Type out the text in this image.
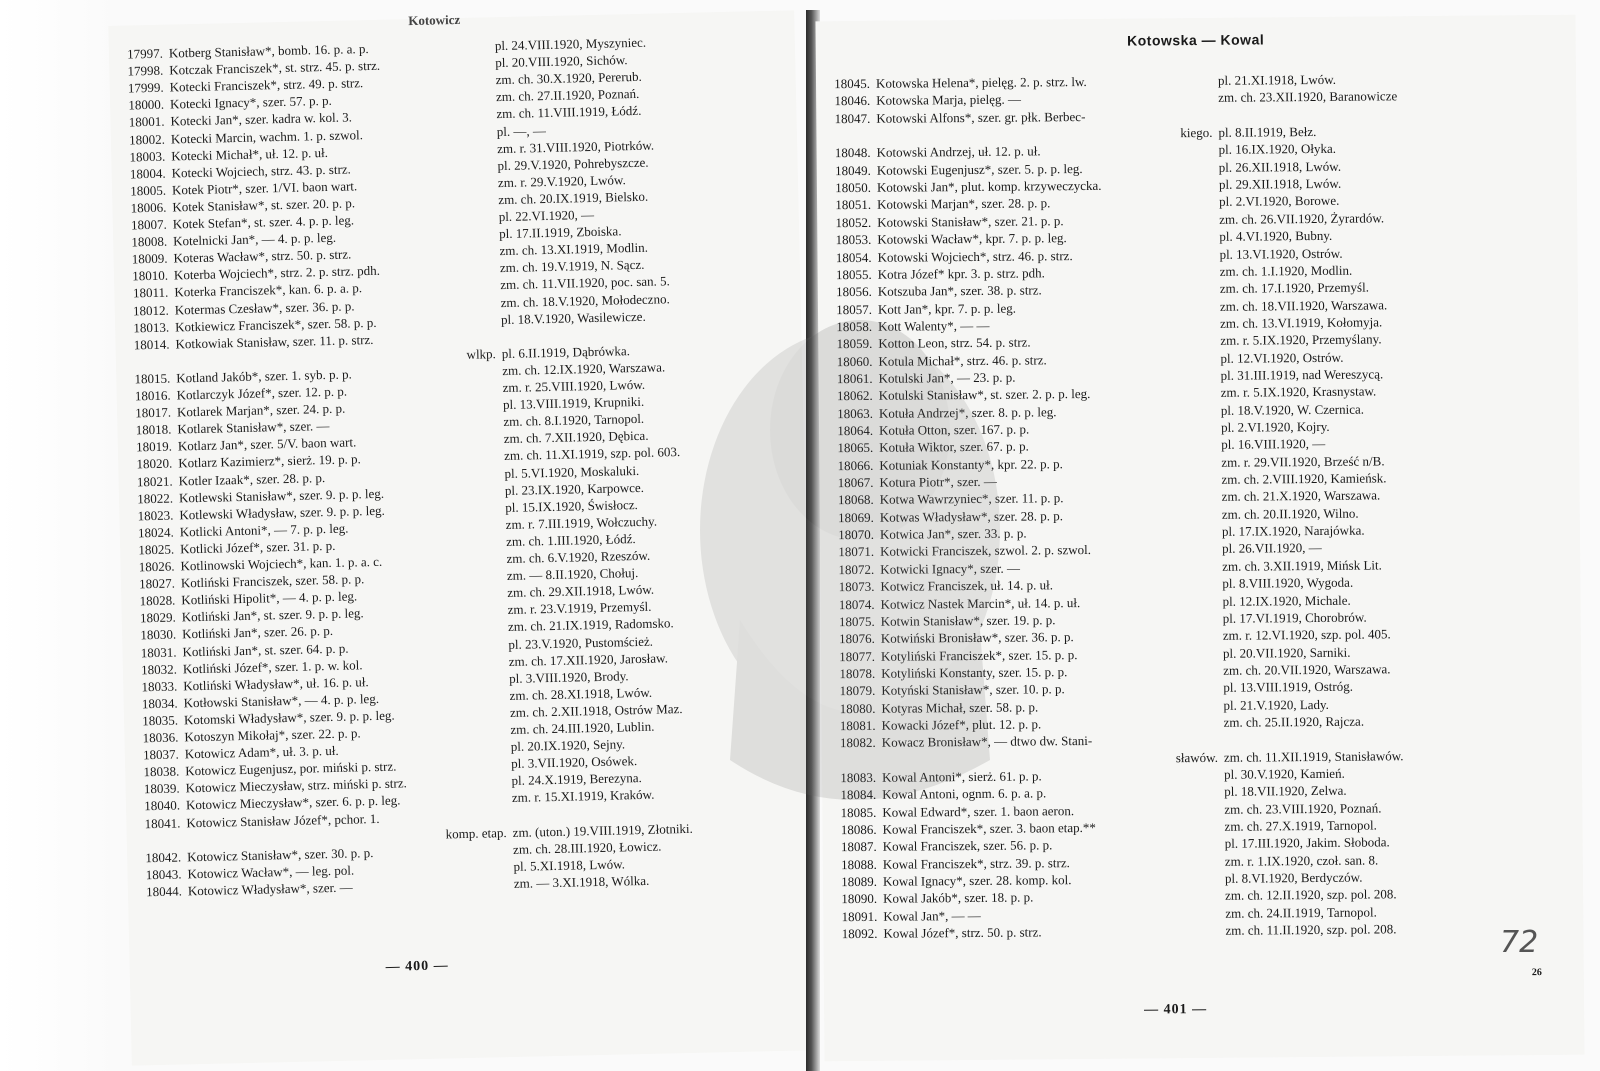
Kotowicz
17997. Kotberg Stanisław*, bomb. 16. p. a. p.	pl. 24.VIII.1920, Myszyniec.
17998. Kotczak Franciszek*, st. strz. 45. p. strz.	pl. 20.VIII.1920, Sichów.
17999. Kotecki Franciszek*, strz. 49. p. strz.	zm. ch. 30.X.1920, Pererub.
18000. Kotecki Ignacy*, szer. 57. p. p.	zm. ch. 27.II.1920, Poznań.
18001. Kotecki Jan*, szer. kadra w. kol. 3.	zm. ch. 11.VIII.1919, Łódź.
18002. Kotecki Marcin, wachm. 1. p. szwol.	pl. —, —
18003. Kotecki Michał*, uł. 12. p. uł.	zm. r. 31.VIII.1920, Piotrków.
18004. Kotecki Wojciech, strz. 43. p. strz.	pl. 29.V.1920, Pohrebyszcze.
18005. Kotek Piotr*, szer. 1/VI. baon wart.	zm. r. 29.V.1920, Lwów.
18006. Kotek Stanisław*, st. szer. 20. p. p.	zm. ch. 20.IX.1919, Bielsko.
18007. Kotek Stefan*, st. szer. 4. p. p. leg.	pl. 22.VI.1920, —
18008. Kotelnicki Jan*, — 4. p. p. leg.	pl. 17.II.1919, Zboiska.
18009. Koteras Wacław*, strz. 50. p. strz.	zm. ch. 13.XI.1919, Modlin.
18010. Koterba Wojciech*, strz. 2. p. strz. pdh.	zm. ch. 19.V.1919, N. Sącz.
18011. Koterka Franciszek*, kan. 6. p. a. p.	zm. ch. 11.VII.1920, poc. san. 5.
18012. Kotermas Czesław*, szer. 36. p. p.	zm. ch. 18.V.1920, Mołodeczno.
18013. Kotkiewicz Franciszek*, szer. 58. p. p.	pl. 18.V.1920, Wasilewicze.
18014. Kotkowiak Stanisław, szer. 11. p. strz.
wlkp. pl. 6.II.1919, Dąbrówka.
18015. Kotland Jakób*, szer. 1. syb. p. p.	zm. ch. 12.IX.1920, Warszawa.
18016. Kotlarczyk Józef*, szer. 12. p. p.	zm. r. 25.VIII.1920, Lwów.
18017. Kotlarek Marjan*, szer. 24. p. p.	pl. 13.VIII.1919, Krupniki.
18018. Kotlarek Stanisław*, szer. —	zm. ch. 8.I.1920, Tarnopol.
18019. Kotlarz Jan*, szer. 5/V. baon wart.	zm. ch. 7.XII.1920, Dębica.
18020. Kotlarz Kazimierz*, sierż. 19. p. p.	zm. ch. 11.XI.1919, szp. pol. 603.
18021. Kotler Izaak*, szer. 28. p. p.	pl. 5.VI.1920, Moskaluki.
18022. Kotlewski Stanisław*, szer. 9. p. p. leg.	pl. 23.IX.1920, Karpowce.
18023. Kotlewski Władysław, szer. 9. p. p. leg.	pl. 15.IX.1920, Świsłocz.
18024. Kotlicki Antoni*, — 7. p. p. leg.	zm. r. 7.III.1919, Wołczuchy.
18025. Kotlicki Józef*, szer. 31. p. p.	zm. ch. 1.III.1920, Łódź.
18026. Kotlinowski Wojciech*, kan. 1. p. a. c.	zm. ch. 6.V.1920, Rzeszów.
18027. Kotliński Franciszek, szer. 58. p. p.	zm. — 8.II.1920, Chołuj.
18028. Kotliński Hipolit*, — 4. p. p. leg.	zm. ch. 29.XII.1918, Lwów.
18029. Kotliński Jan*, st. szer. 9. p. p. leg.	zm. r. 23.V.1919, Przemyśl.
18030. Kotliński Jan*, szer. 26. p. p.	zm. ch. 21.IX.1919, Radomsko.
18031. Kotliński Jan*, st. szer. 64. p. p.	pl. 23.V.1920, Pustomścież.
18032. Kotliński Józef*, szer. 1. p. w. kol.	zm. ch. 17.XII.1920, Jarosław.
18033. Kotliński Władysław*, uł. 16. p. uł.	pl. 3.VIII.1920, Brody.
18034. Kotłowski Stanisław*, — 4. p. p. leg.	zm. ch. 28.XI.1918, Lwów.
18035. Kotomski Władysław*, szer. 9. p. p. leg.	zm. ch. 2.XII.1918, Ostrów Maz.
18036. Kotoszyn Mikołaj*, szer. 22. p. p.	zm. ch. 24.III.1920, Lublin.
18037. Kotowicz Adam*, uł. 3. p. uł.	pl. 20.IX.1920, Sejny.
18038. Kotowicz Eugenjusz, por. miński p. strz.	pl. 3.VII.1920, Osówek.
18039. Kotowicz Mieczysław, strz. miński p. strz.	pl. 24.X.1919, Berezyna.
18040. Kotowicz Mieczysław*, szer. 6. p. p. leg.	zm. r. 15.XI.1919, Kraków.
18041. Kotowicz Stanisław Józef*, pchor. 1.
komp. etap. zm. (uton.) 19.VIII.1919, Złotniki.
18042. Kotowicz Stanisław*, szer. 30. p. p.	zm. ch. 28.III.1920, Łowicz.
18043. Kotowicz Wacław*, — leg. pol.	pl. 5.XI.1918, Lwów.
18044. Kotowicz Władysław*, szer. —	zm. — 3.XI.1918, Wólka.
— 400 —
Kotowska — Kowal
18045. Kotowska Helena*, pielęg. 2. p. strz. lw.	pl. 21.XI.1918, Lwów.
18046. Kotowska Marja, pielęg. —	zm. ch. 23.XII.1920, Baranowicze
18047. Kotowski Alfons*, szer. gr. płk. Berbec-
kiego. pl. 8.II.1919, Bełz.
18048. Kotowski Andrzej, uł. 12. p. uł.	pl. 16.IX.1920, Ołyka.
18049. Kotowski Eugenjusz*, szer. 5. p. p. leg.	pl. 26.XII.1918, Lwów.
18050. Kotowski Jan*, plut. komp. krzyweczycka.	pl. 29.XII.1918, Lwów.
18051. Kotowski Marjan*, szer. 28. p. p.	pl. 2.VI.1920, Borowe.
18052. Kotowski Stanisław*, szer. 21. p. p.	zm. ch. 26.VII.1920, Żyrardów.
18053. Kotowski Wacław*, kpr. 7. p. p. leg.	pl. 4.VI.1920, Bubny.
18054. Kotowski Wojciech*, strz. 46. p. strz.	pl. 13.VI.1920, Ostrów.
18055. Kotra Józef* kpr. 3. p. strz. pdh.	zm. ch. 1.I.1920, Modlin.
18056. Kotszuba Jan*, szer. 38. p. strz.	zm. ch. 17.I.1920, Przemyśl.
18057. Kott Jan*, kpr. 7. p. p. leg.	zm. ch. 18.VII.1920, Warszawa.
18058. Kott Walenty*, — —	zm. ch. 13.VI.1919, Kołomyja.
18059. Kotton Leon, strz. 54. p. strz.	zm. r. 5.IX.1920, Przemyślany.
18060. Kotula Michał*, strz. 46. p. strz.	pl. 12.VI.1920, Ostrów.
18061. Kotulski Jan*, — 23. p. p.	pl. 31.III.1919, nad Wereszycą.
18062. Kotulski Stanisław*, st. szer. 2. p. p. leg.	zm. r. 5.IX.1920, Krasnystaw.
18063. Kotuła Andrzej*, szer. 8. p. p. leg.	pl. 18.V.1920, W. Czernica.
18064. Kotuła Otton, szer. 167. p. p.	pl. 2.VI.1920, Kojry.
18065. Kotuła Wiktor, szer. 67. p. p.	pl. 16.VIII.1920, —
18066. Kotuniak Konstanty*, kpr. 22. p. p.	zm. r. 29.VII.1920, Brześć n/B.
18067. Kotura Piotr*, szer. —	zm. ch. 2.VIII.1920, Kamieńsk.
18068. Kotwa Wawrzyniec*, szer. 11. p. p.	zm. ch. 21.X.1920, Warszawa.
18069. Kotwas Władysław*, szer. 28. p. p.	zm. ch. 20.II.1920, Wilno.
18070. Kotwica Jan*, szer. 33. p. p.	pl. 17.IX.1920, Narajówka.
18071. Kotwicki Franciszek, szwol. 2. p. szwol.	pl. 26.VII.1920, —
18072. Kotwicki Ignacy*, szer. —	zm. ch. 3.XII.1919, Mińsk Lit.
18073. Kotwicz Franciszek, uł. 14. p. uł.	pl. 8.VIII.1920, Wygoda.
18074. Kotwicz Nastek Marcin*, uł. 14. p. uł.	pl. 12.IX.1920, Michale.
18075. Kotwin Stanisław*, szer. 19. p. p.	pl. 17.VI.1919, Chorobrów.
18076. Kotwiński Bronisław*, szer. 36. p. p.	zm. r. 12.VI.1920, szp. pol. 405.
18077. Kotyliński Franciszek*, szer. 15. p. p.	pl. 20.VII.1920, Sarniki.
18078. Kotyliński Konstanty, szer. 15. p. p.	zm. ch. 20.VII.1920, Warszawa.
18079. Kotyński Stanisław*, szer. 10. p. p.	pl. 13.VIII.1919, Ostróg.
18080. Kotyras Michał, szer. 58. p. p.	pl. 21.V.1920, Lady.
18081. Kowacki Józef*, plut. 12. p. p.	zm. ch. 25.II.1920, Rajcza.
18082. Kowacz Bronisław*, — dtwo dw. Stani-
sławów. zm. ch. 11.XII.1919, Stanisławów.
18083. Kowal Antoni*, sierż. 61. p. p.	pl. 30.V.1920, Kamień.
18084. Kowal Antoni, ognm. 6. p. a. p.	pl. 18.VII.1920, Zelwa.
18085. Kowal Edward*, szer. 1. baon aeron.	zm. ch. 23.VIII.1920, Poznań.
18086. Kowal Franciszek*, szer. 3. baon etap.**	zm. ch. 27.X.1919, Tarnopol.
18087. Kowal Franciszek, szer. 56. p. p.	pl. 17.III.1920, Jakim. Słoboda.
18088. Kowal Franciszek*, strz. 39. p. strz.	zm. r. 1.IX.1920, czoł. san. 8.
18089. Kowal Ignacy*, szer. 28. komp. kol.	pl. 8.VI.1920, Berdyczów.
18090. Kowal Jakób*, szer. 18. p. p.	zm. ch. 12.II.1920, szp. pol. 208.
18091. Kowal Jan*, — —	zm. ch. 24.II.1919, Tarnopol.
18092. Kowal Józef*, strz. 50. p. strz.	zm. ch. 11.II.1920, szp. pol. 208.
— 401 —
26
72
